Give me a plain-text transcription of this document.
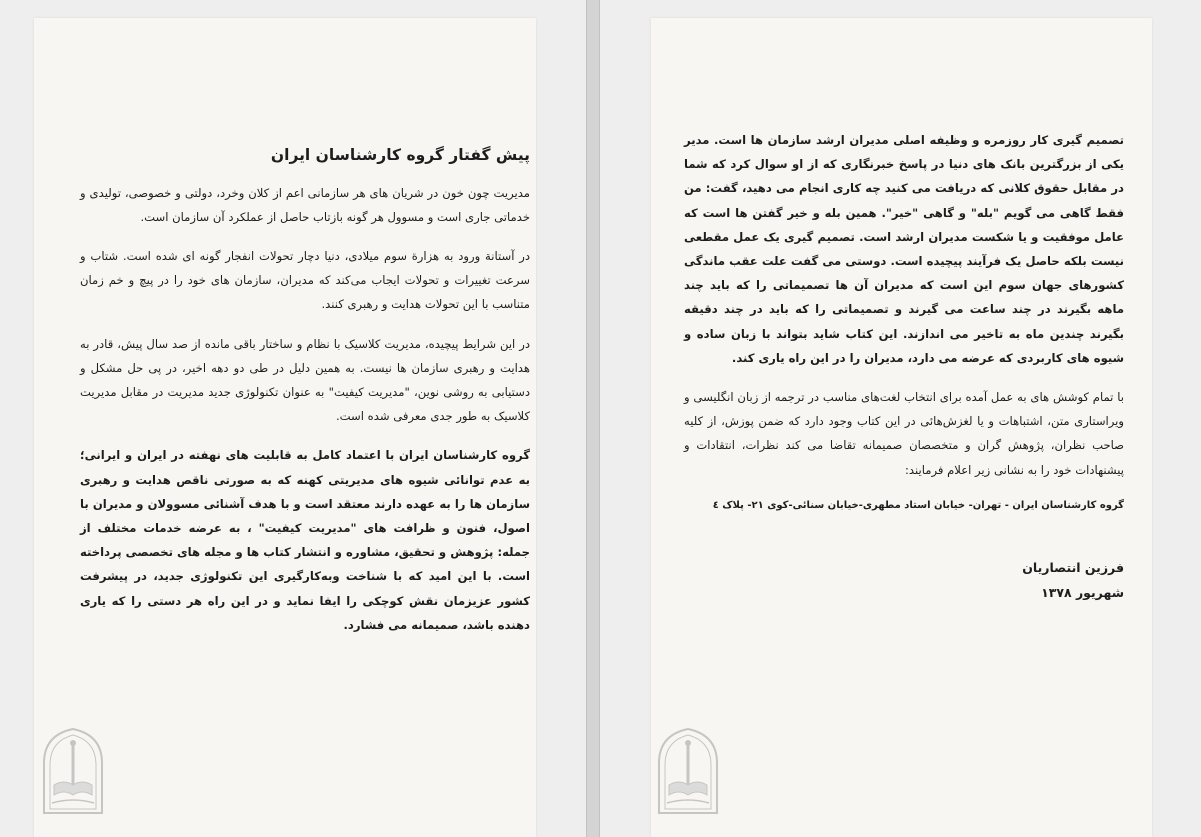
پیش گفتار گروه کارشناسان ایران

مدیریت چون خون در شریان های هر سازمانی اعم از کلان وخرد، دولتی و خصوصی، تولیدی و خدماتی جاری است و مسوول هر گونه بازتاب حاصل از عملکرد آن سازمان است.

در آستانة ورود به هزارة سوم میلادی، دنیا دچار تحولات انفجار گونه ای شده است. شتاب و سرعت تغییرات و تحولات ایجاب می‌کند که مدیران، سازمان های خود را در پیچ و خم زمان متناسب با این تحولات هدایت و رهبری کنند.

در این شرایط پیچیده، مدیریت کلاسیک با نظام و ساختار باقی مانده از صد سال پیش، قادر به هدایت و رهبری سازمان ها نیست. به همین دلیل در طی دو دهه اخیر، در پی حل مشکل و دستیابی به روشی نوین، "مدیریت کیفیت" به عنوان تکنولوژی جدید مدیریت در مقابل مدیریت کلاسیک به طور جدی معرفی شده است.

گروه کارشناسان ایران با اعتماد کامل به قابلیت های نهفته در ایران و ایرانی؛ به عدم توانائی شیوه های مدیریتی کهنه که به صورتی ناقص هدایت و رهبری سازمان ها را به عهده دارند معتقد است و با هدف آشنائی مسوولان و مدیران با اصول، فنون و ظرافت های "مدیریت کیفیت" ، به عرضه خدمات مختلف از جمله: پژوهش و تحقیق، مشاوره و انتشار کتاب ها و مجله های تخصصی پرداخته است. با این امید که با شناخت وبه‌کارگیری این تکنولوژی جدید، در پیشرفت کشور عزیزمان نقش کوچکی را ایفا نماید و در این راه هر دستی را که یاری دهنده باشد، صمیمانه می فشارد.

تصمیم گیری کار روزمره و وظیفه اصلی مدیران ارشد سازمان ها است. مدیر یکی از بزرگترین بانک های دنیا در پاسخ خبرنگاری که از او سوال کرد که شما در مقابل حقوق کلانی که دریافت می کنید چه کاری انجام می دهید، گفت: من فقط گاهی می گویم "بله" و گاهی "خیر". همین بله و خیر گفتن ها است که عامل موفقیت و یا شکست مدیران ارشد است. تصمیم گیری یک عمل مقطعی نیست بلکه حاصل یک فرآیند پیچیده است. دوستی می گفت علت عقب ماندگی کشورهای جهان سوم این است که مدیران آن ها تصمیماتی را که باید چند ماهه بگیرند در چند ساعت می گیرند و تصمیماتی را که باید در چند دقیقه بگیرند چندین ماه به تاخیر می اندازند. این کتاب شاید بتواند با زبان ساده و شیوه های کاربردی که عرضه می دارد، مدیران را در این راه یاری کند.

با تمام کوشش های به عمل آمده برای انتخاب لغت‌های مناسب در ترجمه از زبان انگلیسی و ویراستاری متن، اشتباهات و یا لغزش‌هائی در این کتاب وجود دارد که ضمن پوزش، از کلیه صاحب نظران، پژوهش گران و متخصصان صمیمانه تقاضا می کند نظرات، انتقادات و پیشنهادات خود را به نشانی زیر اعلام فرمایند:

گروه کارشناسان ایران - تهران- خیابان استاد مطهری-خیابان سنائی-کوی ۲۱- پلاک ٤
فرزین انتصاریان
شهریور ۱۳۷۸
